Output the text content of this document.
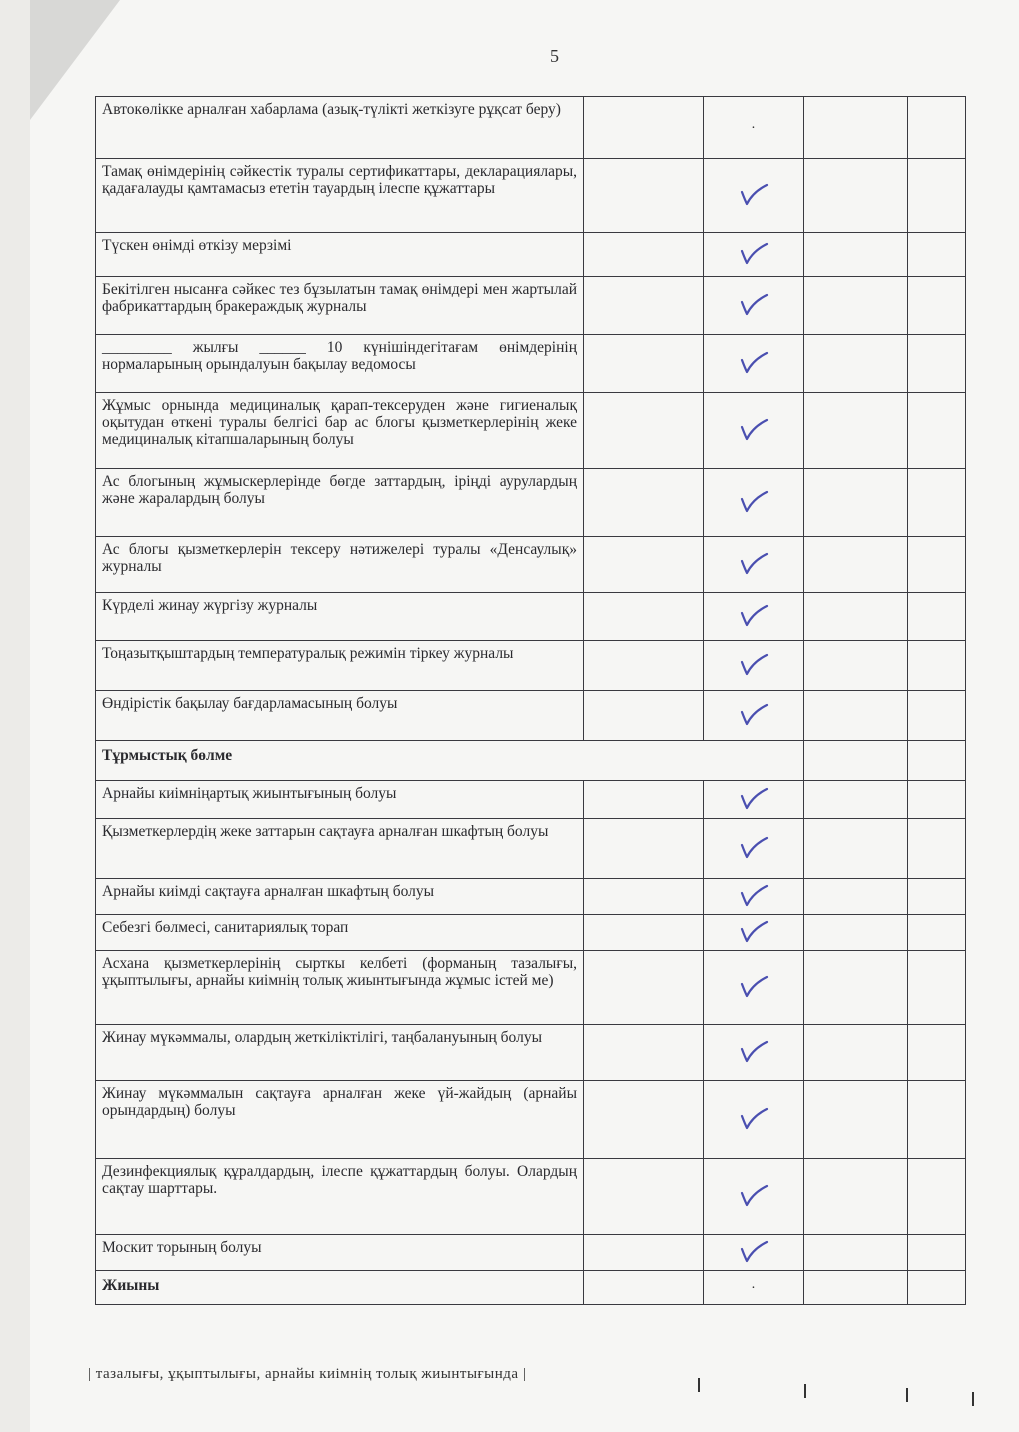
5
Автокөлікке арналған хабарлама (азық-түлікті жеткізуге рұқсат беру)		·		
Тамақ өнімдерінің сәйкестік туралы сертификаттары, декларациялары, қадағалауды қамтамасыз ететін тауардың ілеспе құжаттары				
Түскен өнімді өткізу мерзімі				
Бекітілген нысанға сәйкес тез бұзылатын тамақ өнімдері мен жартылай фабрикаттардың бракераждық журналы				
_________ жылғы ______ 10 күнішіндегітағам өнімдерінің нормаларының орындалуын бақылау ведомосы				
Жұмыс орнында медициналық қарап-тексеруден және гигиеналық оқытудан өткені туралы белгісі бар ас блогы қызметкерлерінің жеке медициналық кітапшаларының болуы				
Ас блогының жұмыскерлерінде бөгде заттардың, іріңді аурулардың және жаралардың болуы				
Ас блогы қызметкерлерін тексеру нәтижелері туралы «Денсаулық» журналы				
Күрделі жинау жүргізу журналы				
Тоңазытқыштардың температуралық режимін тіркеу журналы				
Өндірістік бақылау бағдарламасының болуы				
Тұрмыстық бөлме				
Арнайы киімніңартық жиынтығының болуы				
Қызметкерлердің жеке заттарын сақтауға арналған шкафтың болуы				
Арнайы киімді сақтауға арналған шкафтың болуы				
Себезгі бөлмесі, санитариялық торап				
Асхана қызметкерлерінің сырткы келбеті (форманың тазалығы, ұқыптылығы, арнайы киімнің толық жиынтығында жұмыс істей ме)				
Жинау мүкәммалы, олардың жеткіліктілігі, таңбалануының болуы				
Жинау мүкәммалын сақтауға арналған жеке үй-жайдың (арнайы орындардың) болуы				
Дезинфекциялық құралдардың, ілеспе құжаттардың болуы. Олардың сақтау шарттары.				
Москит торының болуы				
Жиыны		·		
| тазалығы, ұқыптылығы, арнайы киімнің толық жиынтығында |
